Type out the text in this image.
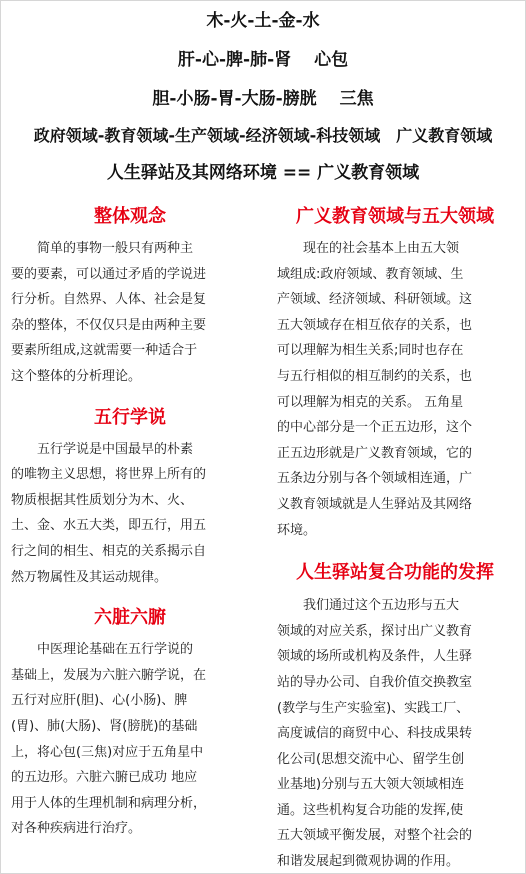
木-火-土-金-水
肝-心-脾-肺-肾　 心包
胆-小肠-胃-大肠-膀胱　 三焦
政府领域-教育领域-生产领域-经济领域-科技领域　广义教育领域
人生驿站及其网络环境 == 广义教育领域
整体观念
简单的事物一般只有两种主
要的要素，可以通过矛盾的学说进
行分析。自然界、人体、社会是复
杂的整体，不仅仅只是由两种主要
要素所组成,这就需要一种适合于
这个整体的分析理论。
五行学说
五行学说是中国最早的朴素
的唯物主义思想，将世界上所有的
物质根据其性质划分为木、火、
土、金、水五大类，即五行，用五
行之间的相生、相克的关系揭示自
然万物属性及其运动规律。
六脏六腑
中医理论基础在五行学说的
基础上，发展为六脏六腑学说，在
五行对应肝(胆)、心(小肠)、脾
(胃)、肺(大肠)、肾(膀胱)的基础
上，将心包(三焦)对应于五角星中
的五边形。六脏六腑已成功 地应
用于人体的生理机制和病理分析，
对各种疾病进行治疗。
广义教育领域与五大领域
现在的社会基本上由五大领
域组成:政府领域、教育领域、生
产领域、经济领域、科研领域。这
五大领域存在相互依存的关系，也
可以理解为相生关系;同时也存在
与五行相似的相互制约的关系，也
可以理解为相克的关系。 五角星
的中心部分是一个正五边形，这个
正五边形就是广义教育领域，它的
五条边分别与各个领域相连通，广
义教育领域就是人生驿站及其网络
环境。
人生驿站复合功能的发挥
我们通过这个五边形与五大
领域的对应关系，探讨出广义教育
领域的场所或机构及条件，人生驿
站的导办公司、自我价值交换教室
(教学与生产实验室)、实践工厂、
高度诚信的商贸中心、科技成果转
化公司(思想交流中心、留学生创
业基地)分别与五大领大领域相连
通。这些机构复合功能的发挥,使
五大领域平衡发展，对整个社会的
和谐发展起到微观协调的作用。
